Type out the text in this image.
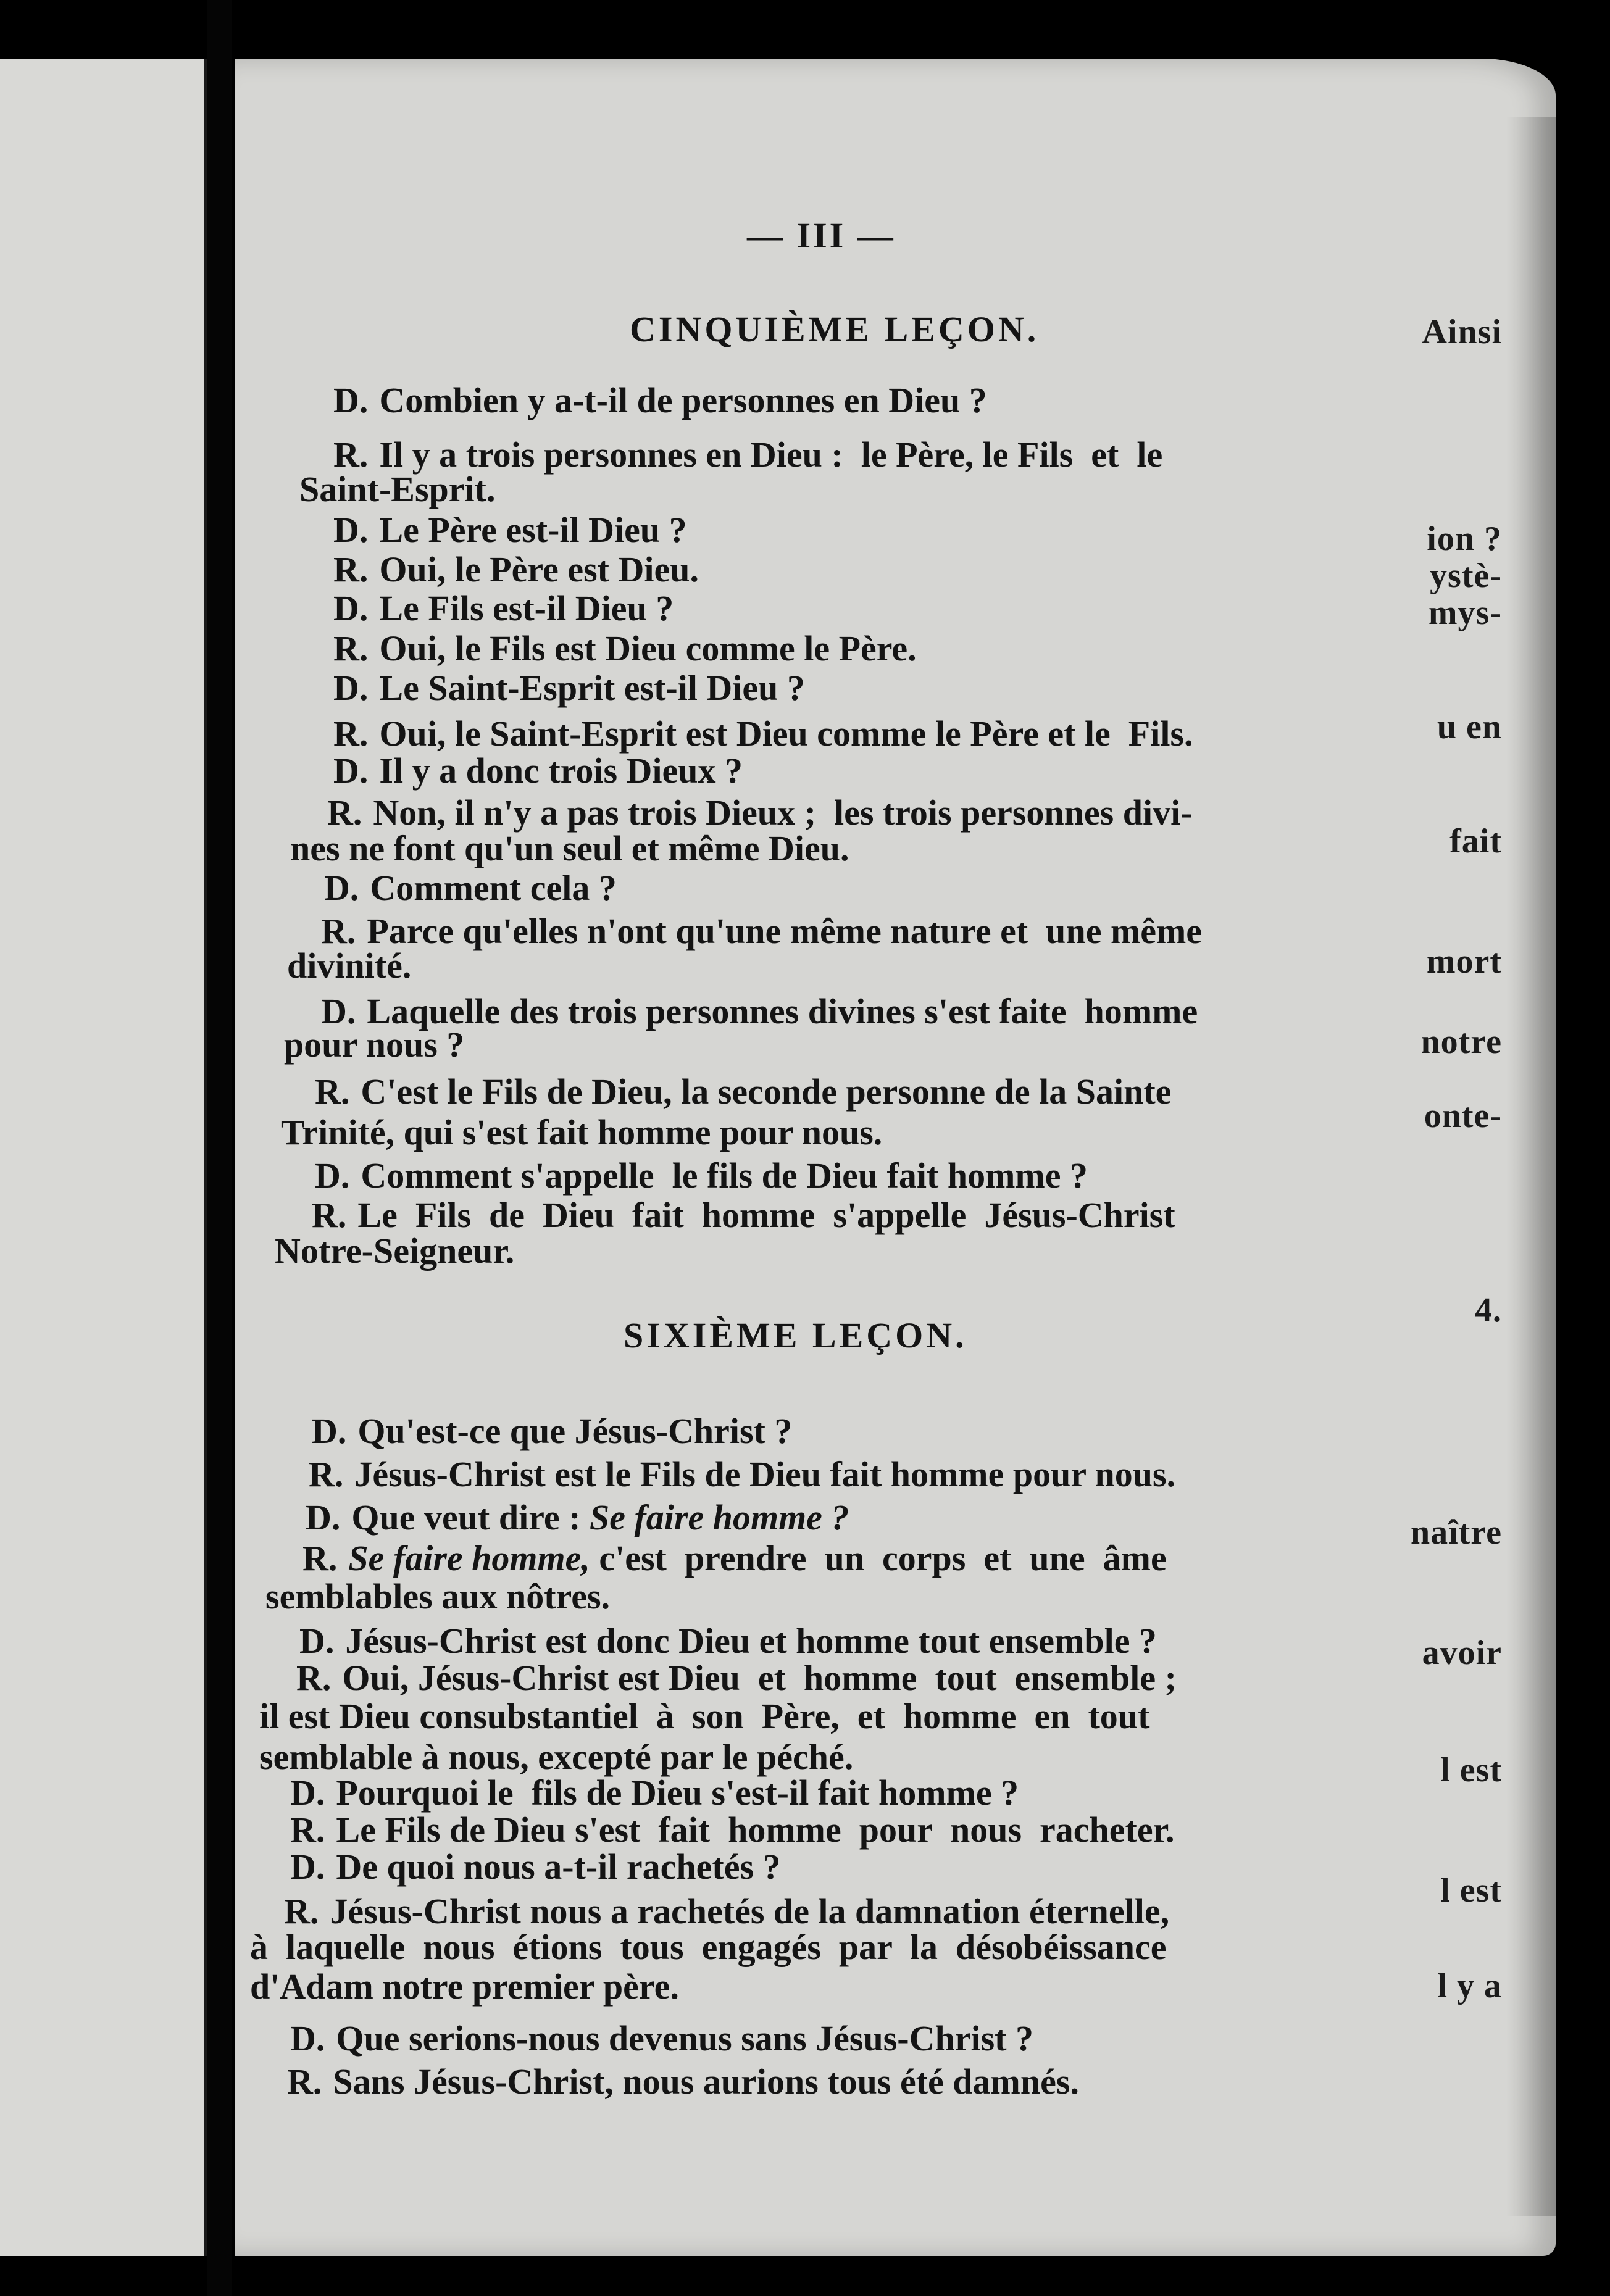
Ainsi
ion ?
ystè-
mys-
u en
fait
mort
notre
onte-
4.
naître
avoir
l est
l est
l y a
— III —
CINQUIÈME LEÇON.
D. Combien y a-t-il de personnes en Dieu ?
R. Il y a trois personnes en Dieu :  le Père, le Fils  et  le
Saint-Esprit.
D. Le Père est-il Dieu ?
R. Oui, le Père est Dieu.
D. Le Fils est-il Dieu ?
R. Oui, le Fils est Dieu comme le Père.
D. Le Saint-Esprit est-il Dieu ?
R. Oui, le Saint-Esprit est Dieu comme le Père et le  Fils.
D. Il y a donc trois Dieux ?
R. Non, il n'y a pas trois Dieux ;  les trois personnes divi-
nes ne font qu'un seul et même Dieu.
D. Comment cela ?
R. Parce qu'elles n'ont qu'une même nature et  une même
divinité.
D. Laquelle des trois personnes divines s'est faite  homme
pour nous ?
R. C'est le Fils de Dieu, la seconde personne de la Sainte
Trinité, qui s'est fait homme pour nous.
D. Comment s'appelle  le fils de Dieu fait homme ?
R. Le  Fils  de  Dieu  fait  homme  s'appelle  Jésus-Christ
Notre-Seigneur.
SIXIÈME LEÇON.
D. Qu'est-ce que Jésus-Christ ?
R. Jésus-Christ est le Fils de Dieu fait homme pour nous.
D. Que veut dire : Se faire homme ?
R. Se faire homme, c'est  prendre  un  corps  et  une  âme
semblables aux nôtres.
D. Jésus-Christ est donc Dieu et homme tout ensemble ?
R. Oui, Jésus-Christ est Dieu  et  homme  tout  ensemble ;
il est Dieu consubstantiel  à  son  Père,  et  homme  en  tout
semblable à nous, excepté par le péché.
D. Pourquoi le  fils de Dieu s'est-il fait homme ?
R. Le Fils de Dieu s'est  fait  homme  pour  nous  racheter.
D. De quoi nous a-t-il rachetés ?
R. Jésus-Christ nous a rachetés de la damnation éternelle,
à  laquelle  nous  étions  tous  engagés  par  la  désobéissance
d'Adam notre premier père.
D. Que serions-nous devenus sans Jésus-Christ ?
R. Sans Jésus-Christ, nous aurions tous été damnés.
